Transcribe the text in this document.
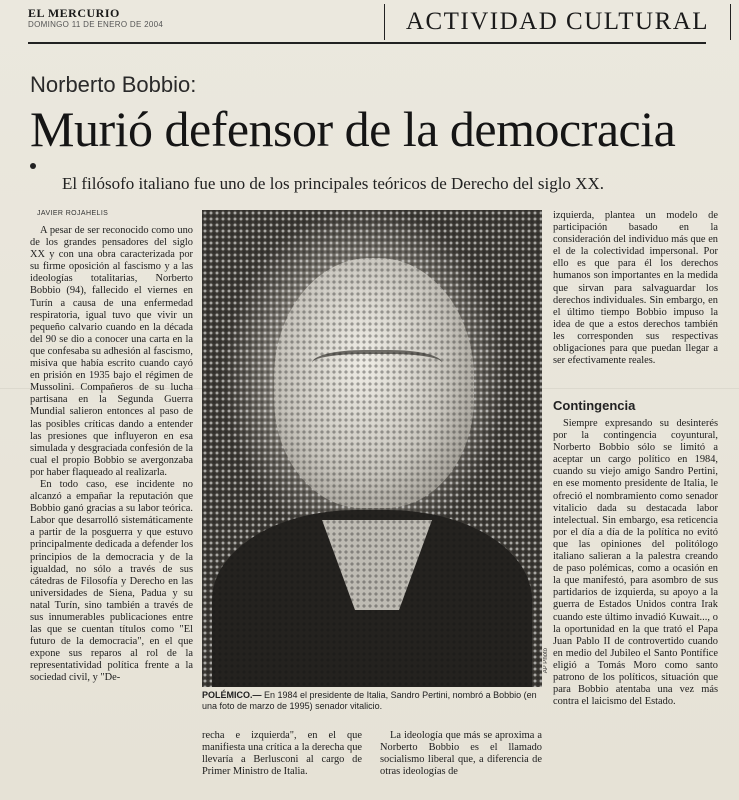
EL MERCURIO
DOMINGO 11 DE ENERO DE 2004	ACTIVIDAD CULTURAL
Norberto Bobbio:
Murió defensor de la democracia
El filósofo italiano fue uno de los principales teóricos de Derecho del siglo XX.
JAVIER ROJAHELIS

A pesar de ser reconocido como uno de los grandes pensadores del siglo XX y con una obra caracterizada por su firme oposición al fascismo y a las ideologías totalitarias, Norberto Bobbio (94), fallecido el viernes en Turín a causa de una enfermedad respiratoria, igual tuvo que vivir un pequeño calvario cuando en la década del 90 se dio a conocer una carta en la que confesaba su adhesión al fascismo, misiva que había escrito cuando cayó en prisión en 1935 bajo el régimen de Mussolini. Compañeros de su lucha partisana en la Segunda Guerra Mundial salieron entonces al paso de las posibles críticas dando a entender las presiones que influyeron en esa simulada y desgraciada confesión de la cual el propio Bobbio se avergonzaba por haber flaqueado al realizarla.

En todo caso, ese incidente no alcanzó a empañar la reputación que Bobbio ganó gracias a su labor teórica. Labor que desarrolló sistemáticamente a partir de la posguerra y que estuvo principalmente dedicada a defender los principios de la democracia y de la igualdad, no sólo a través de sus cátedras de Filosofía y Derecho en las universidades de Siena, Padua y su natal Turín, sino también a través de sus innumerables publicaciones entre las que se cuentan títulos como "El futuro de la democracia", en el que expone sus reparos al rol de la representatividad política frente a la sociedad civil, y "De-

AP Photo
POLÉMICO.— En 1984 el presidente de Italia, Sandro Pertini, nombró a Bobbio (en una foto de marzo de 1995) senador vitalicio.

recha e izquierda", en el que manifiesta una crítica a la derecha que llevaría a Berlusconi al cargo de Primer Ministro de Italia.

La ideología que más se aproxima a Norberto Bobbio es el llamado socialismo liberal que, a diferencia de otras ideologías de

izquierda, plantea un modelo de participación basado en la consideración del individuo más que en el de la colectividad impersonal. Por ello es que para él los derechos humanos son importantes en la medida que sirvan para salvaguardar los derechos individuales. Sin embargo, en el último tiempo Bobbio impuso la idea de que a estos derechos también les corresponden sus respectivas obligaciones para que puedan llegar a ser efectivamente reales.

Contingencia

Siempre expresando su desinterés por la contingencia coyuntural, Norberto Bobbio sólo se limitó a aceptar un cargo político en 1984, cuando su viejo amigo Sandro Pertini, en ese momento presidente de Italia, le ofreció el nombramiento como senador vitalicio dada su destacada labor intelectual. Sin embargo, esa reticencia por el día a día de la política no evitó que las opiniones del politólogo italiano salieran a la palestra creando de paso polémicas, como a ocasión en la que manifestó, para asombro de sus partidarios de izquierda, su apoyo a la guerra de Estados Unidos contra Irak cuando este último invadió Kuwait..., o la oportunidad en la que trató el Papa Juan Pablo II de controvertido cuando en medio del Jubileo el Santo Pontífice eligió a Tomás Moro como santo patrono de los políticos, situación que para Bobbio atentaba una vez más contra el laicismo del Estado.
